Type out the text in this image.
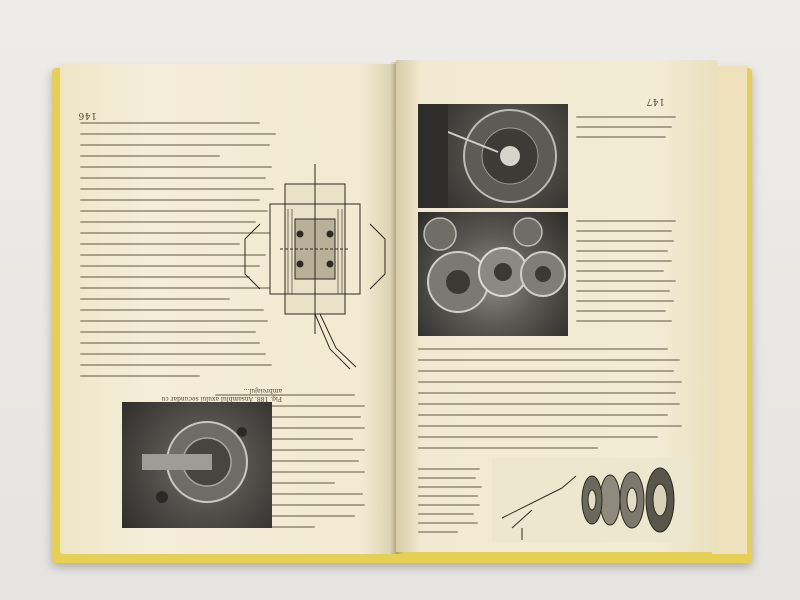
146
Fig. 188. Ansamblul axului secundar cu ambreiajul...
147
